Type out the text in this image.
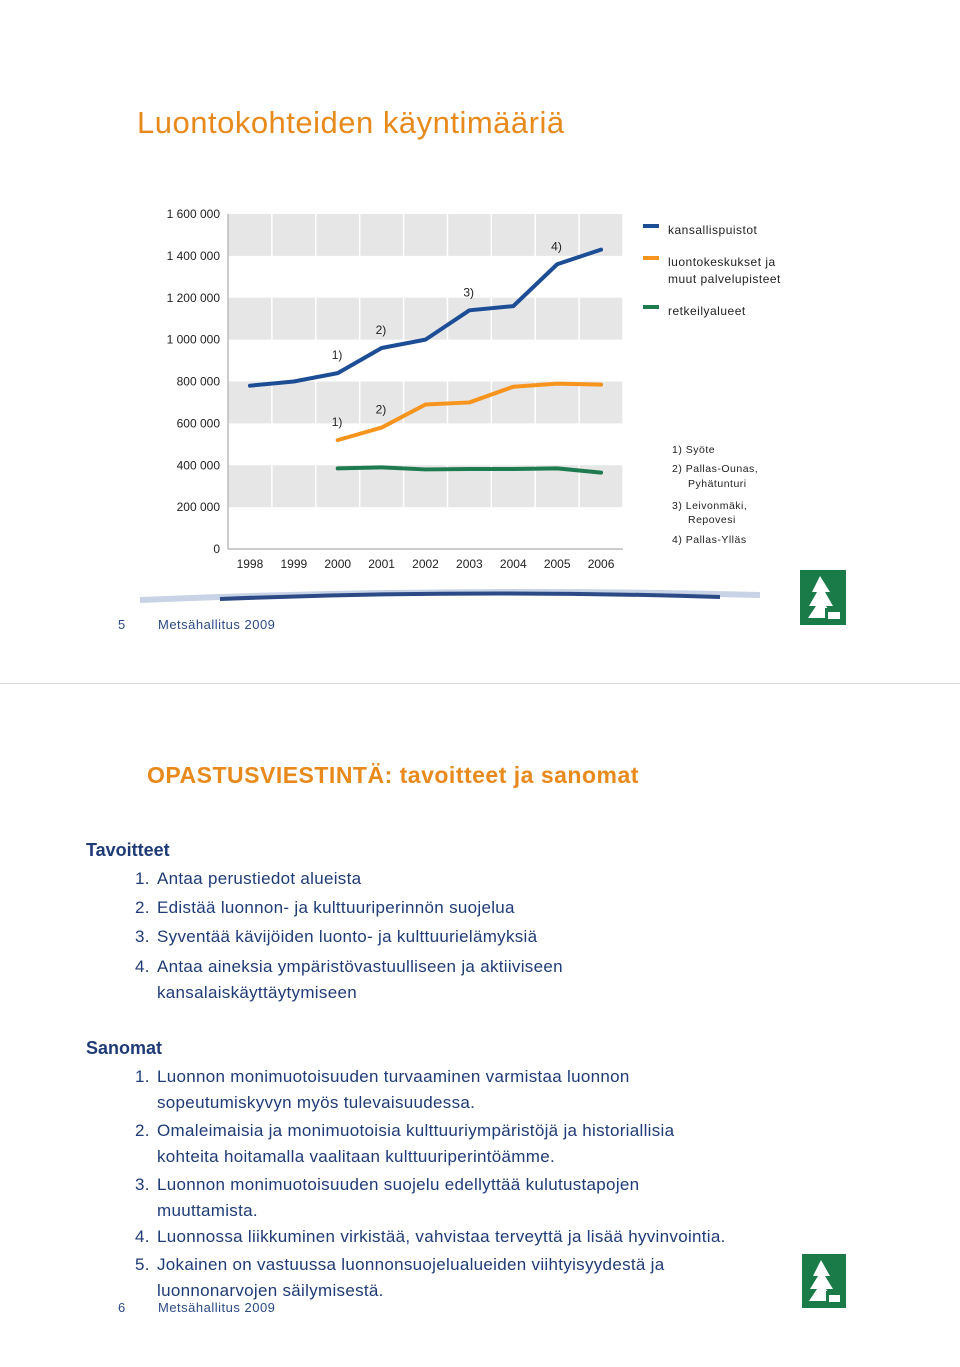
Luontokohteiden käyntimääriä
0
200 000
400 000
600 000
800 000
1 000 000
1 200 000
1 400 000
1 600 000
1998 1999 2000 2001 2002 2003 2004 2005 2006
1)
2)
3)
4)
1)
2)
kansallispuistot
luontokeskukset ja muut palvelupisteet
retkeilyalueet
1) Syöte
2) Pallas-Ounas,
Pyhätunturi
3) Leivonmäki,
Repovesi
4) Pallas-Ylläs
5	Metsähallitus 2009
OPASTUSVIESTINTÄ: tavoitteet ja sanomat
Tavoitteet
1. Antaa perustiedot alueista
2. Edistää luonnon- ja kulttuuriperinnön suojelua
3. Syventää kävijöiden luonto- ja kulttuurielämyksiä
4. Antaa aineksia ympäristövastuulliseen ja aktiiviseen
kansalaiskäyttäytymiseen
Sanomat
1. Luonnon monimuotoisuuden turvaaminen varmistaa luonnon
sopeutumiskyvyn myös tulevaisuudessa.
2. Omaleimaisia ja monimuotoisia kulttuuriympäristöjä ja historiallisia
kohteita hoitamalla vaalitaan kulttuuriperintöämme.
3. Luonnon monimuotoisuuden suojelu edellyttää kulutustapojen
muuttamista.
4. Luonnossa liikkuminen virkistää, vahvistaa terveyttä ja lisää hyvinvointia.
5. Jokainen on vastuussa luonnonsuojelualueiden viihtyisyydestä ja
luonnonarvojen säilymisestä.
6	Metsähallitus 2009
